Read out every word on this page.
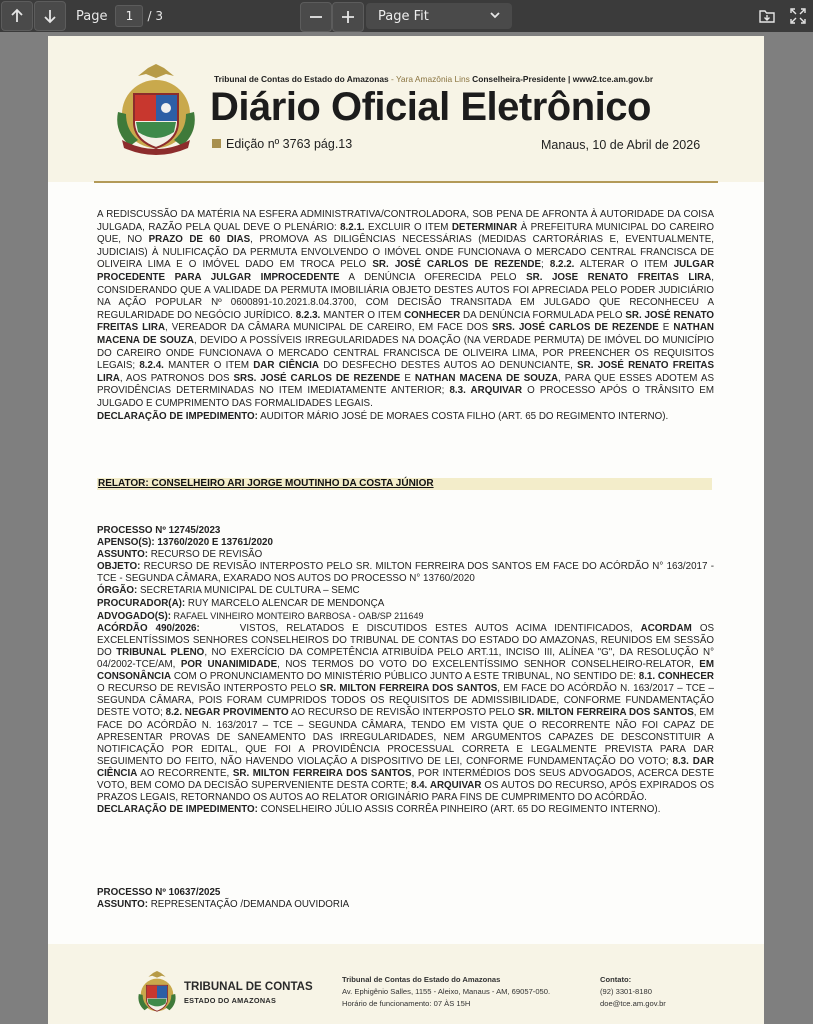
Page	1	/ 3	Page Fit
Tribunal de Contas do Estado do Amazonas - Yara Amazônia Lins Conselheira-Presidente | www2.tce.am.gov.br
Diário Oficial Eletrônico
Edição nº 3763 pág.13	Manaus, 10 de Abril de 2026

A REDISCUSSÃO DA MATÉRIA NA ESFERA ADMINISTRATIVA/CONTROLADORA, SOB PENA DE AFRONTA À AUTORIDADE DA COISA JULGADA, RAZÃO PELA QUAL DEVE O PLENÁRIO: 8.2.1. EXCLUIR O ITEM DETERMINAR À PREFEITURA MUNICIPAL DO CAREIRO QUE, NO PRAZO DE 60 DIAS, PROMOVA AS DILIGÊNCIAS NECESSÁRIAS (MEDIDAS CARTORÁRIAS E, EVENTUALMENTE, JUDICIAIS) À NULIFICAÇÃO DA PERMUTA ENVOLVENDO O IMÓVEL ONDE FUNCIONAVA O MERCADO CENTRAL FRANCISCA DE OLIVEIRA LIMA E O IMÓVEL DADO EM TROCA PELO SR. JOSÉ CARLOS DE REZENDE; 8.2.2. ALTERAR O ITEM JULGAR PROCEDENTE PARA JULGAR IMPROCEDENTE A DENÚNCIA OFERECIDA PELO SR. JOSE RENATO FREITAS LIRA, CONSIDERANDO QUE A VALIDADE DA PERMUTA IMOBILIÁRIA OBJETO DESTES AUTOS FOI APRECIADA PELO PODER JUDICIÁRIO NA AÇÃO POPULAR Nº 0600891-10.2021.8.04.3700, COM DECISÃO TRANSITADA EM JULGADO QUE RECONHECEU A REGULARIDADE DO NEGÓCIO JURÍDICO. 8.2.3. MANTER O ITEM CONHECER DA DENÚNCIA FORMULADA PELO SR. JOSÉ RENATO FREITAS LIRA, VEREADOR DA CÂMARA MUNICIPAL DE CAREIRO, EM FACE DOS SRS. JOSÉ CARLOS DE REZENDE E NATHAN MACENA DE SOUZA, DEVIDO A POSSÍVEIS IRREGULARIDADES NA DOAÇÃO (NA VERDADE PERMUTA) DE IMÓVEL DO MUNICÍPIO DO CAREIRO ONDE FUNCIONAVA O MERCADO CENTRAL FRANCISCA DE OLIVEIRA LIMA, POR PREENCHER OS REQUISITOS LEGAIS; 8.2.4. MANTER O ITEM DAR CIÊNCIA DO DESFECHO DESTES AUTOS AO DENUNCIANTE, SR. JOSÉ RENATO FREITAS LIRA, AOS PATRONOS DOS SRS. JOSÉ CARLOS DE REZENDE E NATHAN MACENA DE SOUZA, PARA QUE ESSES ADOTEM AS PROVIDÊNCIAS DETERMINADAS NO ITEM IMEDIATAMENTE ANTERIOR; 8.3. ARQUIVAR O PROCESSO APÓS O TRÂNSITO EM JULGADO E CUMPRIMENTO DAS FORMALIDADES LEGAIS.

DECLARAÇÃO DE IMPEDIMENTO: AUDITOR MÁRIO JOSÉ DE MORAES COSTA FILHO (ART. 65 DO REGIMENTO INTERNO).

RELATOR: CONSELHEIRO ARI JORGE MOUTINHO DA COSTA JÚNIOR

PROCESSO Nº 12745/2023

APENSO(S): 13760/2020 E 13761/2020

ASSUNTO: RECURSO DE REVISÃO

OBJETO: RECURSO DE REVISÃO INTERPOSTO PELO SR. MILTON FERREIRA DOS SANTOS EM FACE DO ACÓRDÃO N° 163/2017 - TCE - SEGUNDA CÂMARA, EXARADO NOS AUTOS DO PROCESSO N° 13760/2020

ÓRGÃO: SECRETARIA MUNICIPAL DE CULTURA – SEMC

PROCURADOR(A): RUY MARCELO ALENCAR DE MENDONÇA

ADVOGADO(S): RAFAEL VINHEIRO MONTEIRO BARBOSA - OAB/SP 211649

ACÓRDÃO 490/2026:     VISTOS, RELATADOS E DISCUTIDOS ESTES AUTOS ACIMA IDENTIFICADOS, ACORDAM OS EXCELENTÍSSIMOS SENHORES CONSELHEIROS DO TRIBUNAL DE CONTAS DO ESTADO DO AMAZONAS, REUNIDOS EM SESSÃO DO TRIBUNAL PLENO, NO EXERCÍCIO DA COMPETÊNCIA ATRIBUÍDA PELO ART.11, INCISO III, ALÍNEA "G", DA RESOLUÇÃO N° 04/2002-TCE/AM, POR UNANIMIDADE, NOS TERMOS DO VOTO DO EXCELENTÍSSIMO SENHOR CONSELHEIRO-RELATOR, EM CONSONÂNCIA COM O PRONUNCIAMENTO DO MINISTÉRIO PÚBLICO JUNTO A ESTE TRIBUNAL, NO SENTIDO DE: 8.1. CONHECER O RECURSO DE REVISÃO INTERPOSTO PELO SR. MILTON FERREIRA DOS SANTOS, EM FACE DO ACÓRDÃO N. 163/2017 – TCE – SEGUNDA CÂMARA, POIS FORAM CUMPRIDOS TODOS OS REQUISITOS DE ADMISSIBILIDADE, CONFORME FUNDAMENTAÇÃO DESTE VOTO; 8.2. NEGAR PROVIMENTO AO RECURSO DE REVISÃO INTERPOSTO PELO SR. MILTON FERREIRA DOS SANTOS, EM FACE DO ACÓRDÃO N. 163/2017 – TCE – SEGUNDA CÂMARA, TENDO EM VISTA QUE O RECORRENTE NÃO FOI CAPAZ DE APRESENTAR PROVAS DE SANEAMENTO DAS IRREGULARIDADES, NEM ARGUMENTOS CAPAZES DE DESCONSTITUIR A NOTIFICAÇÃO POR EDITAL, QUE FOI A PROVIDÊNCIA PROCESSUAL CORRETA E LEGALMENTE PREVISTA PARA DAR SEGUIMENTO DO FEITO, NÃO HAVENDO VIOLAÇÃO A DISPOSITIVO DE LEI, CONFORME FUNDAMENTAÇÃO DO VOTO; 8.3. DAR CIÊNCIA AO RECORRENTE, SR. MILTON FERREIRA DOS SANTOS, POR INTERMÉDIOS DOS SEUS ADVOGADOS, ACERCA DESTE VOTO, BEM COMO DA DECISÃO SUPERVENIENTE DESTA CORTE; 8.4. ARQUIVAR OS AUTOS DO RECURSO, APÓS EXPIRADOS OS PRAZOS LEGAIS, RETORNANDO OS AUTOS AO RELATOR ORIGINÁRIO PARA FINS DE CUMPRIMENTO DO ACÓRDÃO.

DECLARAÇÃO DE IMPEDIMENTO: CONSELHEIRO JÚLIO ASSIS CORRÊA PINHEIRO (ART. 65 DO REGIMENTO INTERNO).

PROCESSO Nº 10637/2025

ASSUNTO: REPRESENTAÇÃO /DEMANDA OUVIDORIA

TRIBUNAL DE CONTAS
ESTADO DO AMAZONAS
Tribunal de Contas do Estado do Amazonas
Av. Ephigênio Salles, 1155 - Aleixo, Manaus - AM, 69057-050.
Horário de funcionamento: 07 ÀS 15H
Contato:
(92) 3301-8180
doe@tce.am.gov.br
